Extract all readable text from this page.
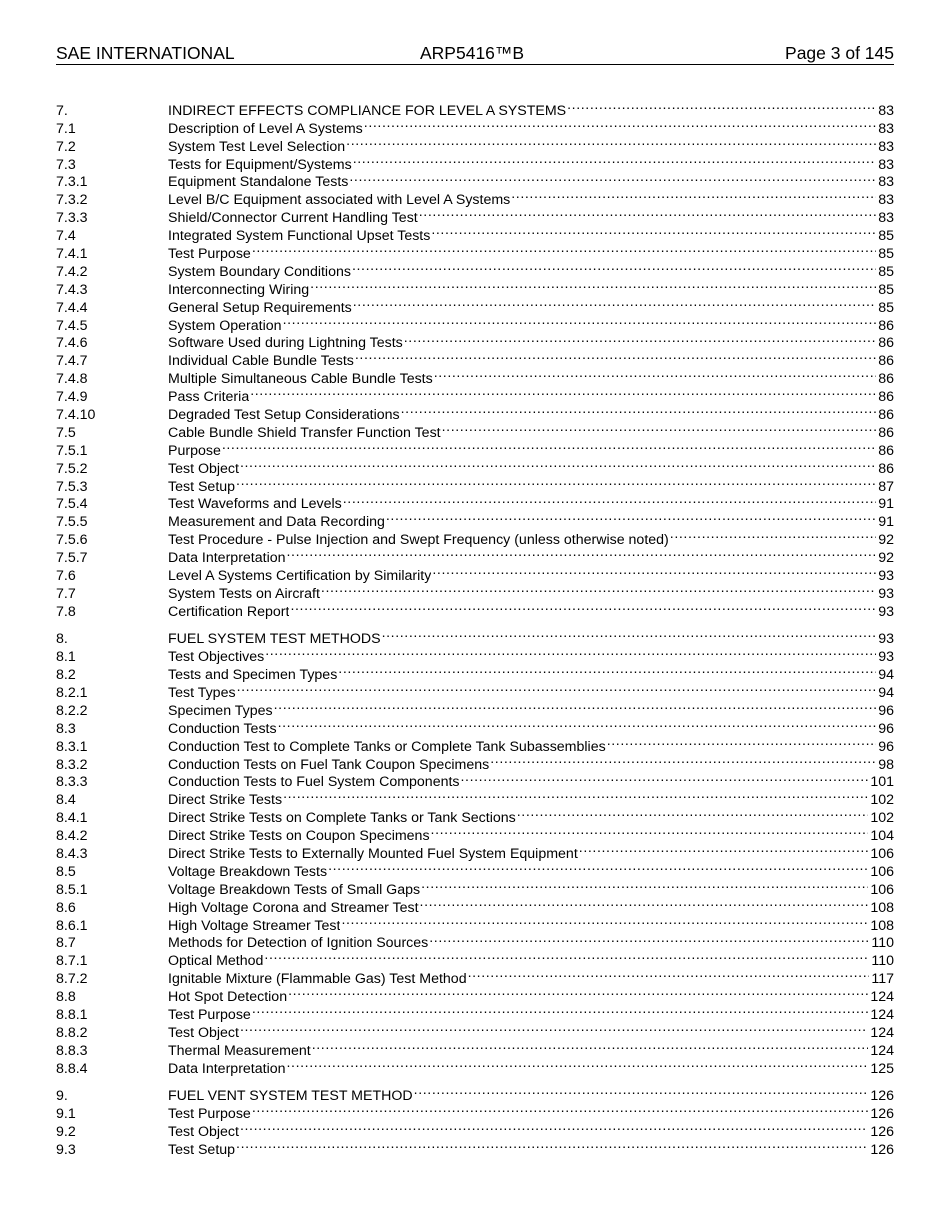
SAE INTERNATIONAL	ARP5416™B	Page 3 of 145
7.	INDIRECT EFFECTS COMPLIANCE FOR LEVEL A SYSTEMS .....	83
7.1	Description of Level A Systems .....	83
7.2	System Test Level Selection .....	83
7.3	Tests for Equipment/Systems .....	83
7.3.1	Equipment Standalone Tests .....	83
7.3.2	Level B/C Equipment associated with Level A Systems .....	83
7.3.3	Shield/Connector Current Handling Test .....	83
7.4	Integrated System Functional Upset Tests .....	85
7.4.1	Test Purpose .....	85
7.4.2	System Boundary Conditions .....	85
7.4.3	Interconnecting Wiring .....	85
7.4.4	General Setup Requirements .....	85
7.4.5	System Operation .....	86
7.4.6	Software Used during Lightning Tests .....	86
7.4.7	Individual Cable Bundle Tests .....	86
7.4.8	Multiple Simultaneous Cable Bundle Tests .....	86
7.4.9	Pass Criteria .....	86
7.4.10	Degraded Test Setup Considerations .....	86
7.5	Cable Bundle Shield Transfer Function Test .....	86
7.5.1	Purpose .....	86
7.5.2	Test Object .....	86
7.5.3	Test Setup .....	87
7.5.4	Test Waveforms and Levels .....	91
7.5.5	Measurement and Data Recording .....	91
7.5.6	Test Procedure - Pulse Injection and Swept Frequency (unless otherwise noted) .....	92
7.5.7	Data Interpretation .....	92
7.6	Level A Systems Certification by Similarity .....	93
7.7	System Tests on Aircraft .....	93
7.8	Certification Report .....	93
8.	FUEL SYSTEM TEST METHODS .....	93
8.1	Test Objectives .....	93
8.2	Tests and Specimen Types .....	94
8.2.1	Test Types .....	94
8.2.2	Specimen Types .....	96
8.3	Conduction Tests .....	96
8.3.1	Conduction Test to Complete Tanks or Complete Tank Subassemblies .....	96
8.3.2	Conduction Tests on Fuel Tank Coupon Specimens .....	98
8.3.3	Conduction Tests to Fuel System Components .....	101
8.4	Direct Strike Tests .....	102
8.4.1	Direct Strike Tests on Complete Tanks or Tank Sections .....	102
8.4.2	Direct Strike Tests on Coupon Specimens .....	104
8.4.3	Direct Strike Tests to Externally Mounted Fuel System Equipment .....	106
8.5	Voltage Breakdown Tests .....	106
8.5.1	Voltage Breakdown Tests of Small Gaps .....	106
8.6	High Voltage Corona and Streamer Test .....	108
8.6.1	High Voltage Streamer Test .....	108
8.7	Methods for Detection of Ignition Sources .....	110
8.7.1	Optical Method .....	110
8.7.2	Ignitable Mixture (Flammable Gas) Test Method .....	117
8.8	Hot Spot Detection .....	124
8.8.1	Test Purpose .....	124
8.8.2	Test Object .....	124
8.8.3	Thermal Measurement .....	124
8.8.4	Data Interpretation .....	125
9.	FUEL VENT SYSTEM TEST METHOD .....	126
9.1	Test Purpose .....	126
9.2	Test Object .....	126
9.3	Test Setup .....	126
